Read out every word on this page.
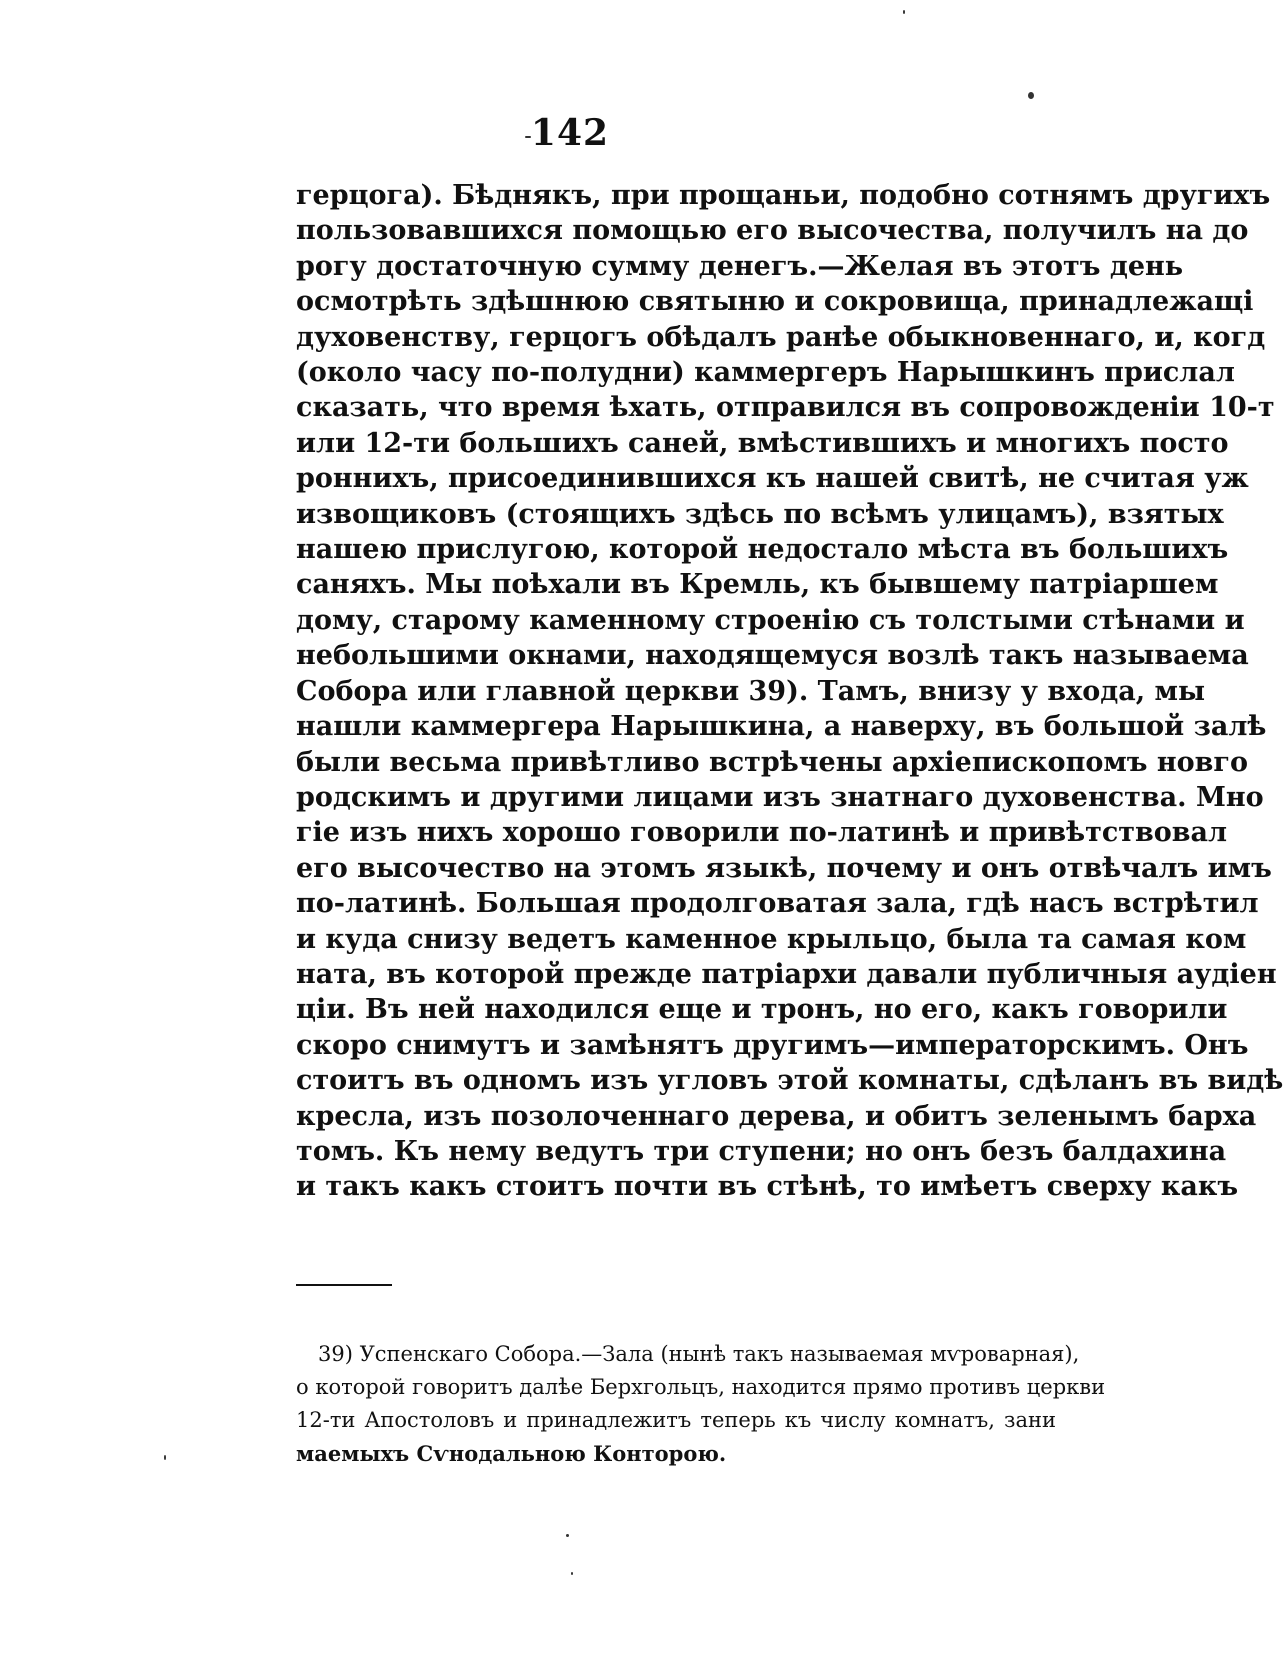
142
герцога). Бѣднякъ, при прощаньи, подобно сотнямъ другихъ
пользовавшихся помощью его высочества, получилъ на до
рогу достаточную сумму денегъ.—Желая въ этотъ день
осмотрѣть здѣшнюю святыню и сокровища, принадлежащі
духовенству, герцогъ обѣдалъ ранѣе обыкновеннаго, и, когд
(около часу по-полудни) каммергеръ Нарышкинъ прислал
сказать, что время ѣхать, отправился въ сопровожденіи 10-т
или 12-ти большихъ саней, вмѣстившихъ и многихъ посто
роннихъ, присоединившихся къ нашей свитѣ, не считая уж
извощиковъ (стоящихъ здѣсь по всѣмъ улицамъ), взятых
нашею прислугою, которой недостало мѣста въ большихъ
саняхъ. Мы поѣхали въ Кремль, къ бывшему патріаршем
дому, старому каменному строенію съ толстыми стѣнами и
небольшими окнами, находящемуся возлѣ такъ называема
Собора или главной церкви 39). Тамъ, внизу у входа, мы
нашли каммергера Нарышкина, а наверху, въ большой залѣ
были весьма привѣтливо встрѣчены архіепископомъ новго
родскимъ и другими лицами изъ знатнаго духовенства. Мно
гіе изъ нихъ хорошо говорили по-латинѣ и привѣтствовал
его высочество на этомъ языкѣ, почему и онъ отвѣчалъ имъ
по-латинѣ. Большая продолговатая зала, гдѣ насъ встрѣтил
и куда снизу ведетъ каменное крыльцо, была та самая ком
ната, въ которой прежде патріархи давали публичныя аудіен
ціи. Въ ней находился еще и тронъ, но его, какъ говорили
скоро снимутъ и замѣнятъ другимъ—императорскимъ. Онъ
стоитъ въ одномъ изъ угловъ этой комнаты, сдѣланъ въ видѣ
кресла, изъ позолоченнаго дерева, и обитъ зеленымъ барха
томъ. Къ нему ведутъ три ступени; но онъ безъ балдахина
и такъ какъ стоитъ почти въ стѣнѣ, то имѣетъ сверху какъ
39) Успенскаго Собора.—Зала (нынѣ такъ называемая мѵроварная),
о которой говоритъ далѣе Берхгольцъ, находится прямо противъ церкви
12-ти Апостоловъ и принадлежитъ теперь къ числу комнатъ, зани
маемыхъ Сѵнодальною Конторою.
